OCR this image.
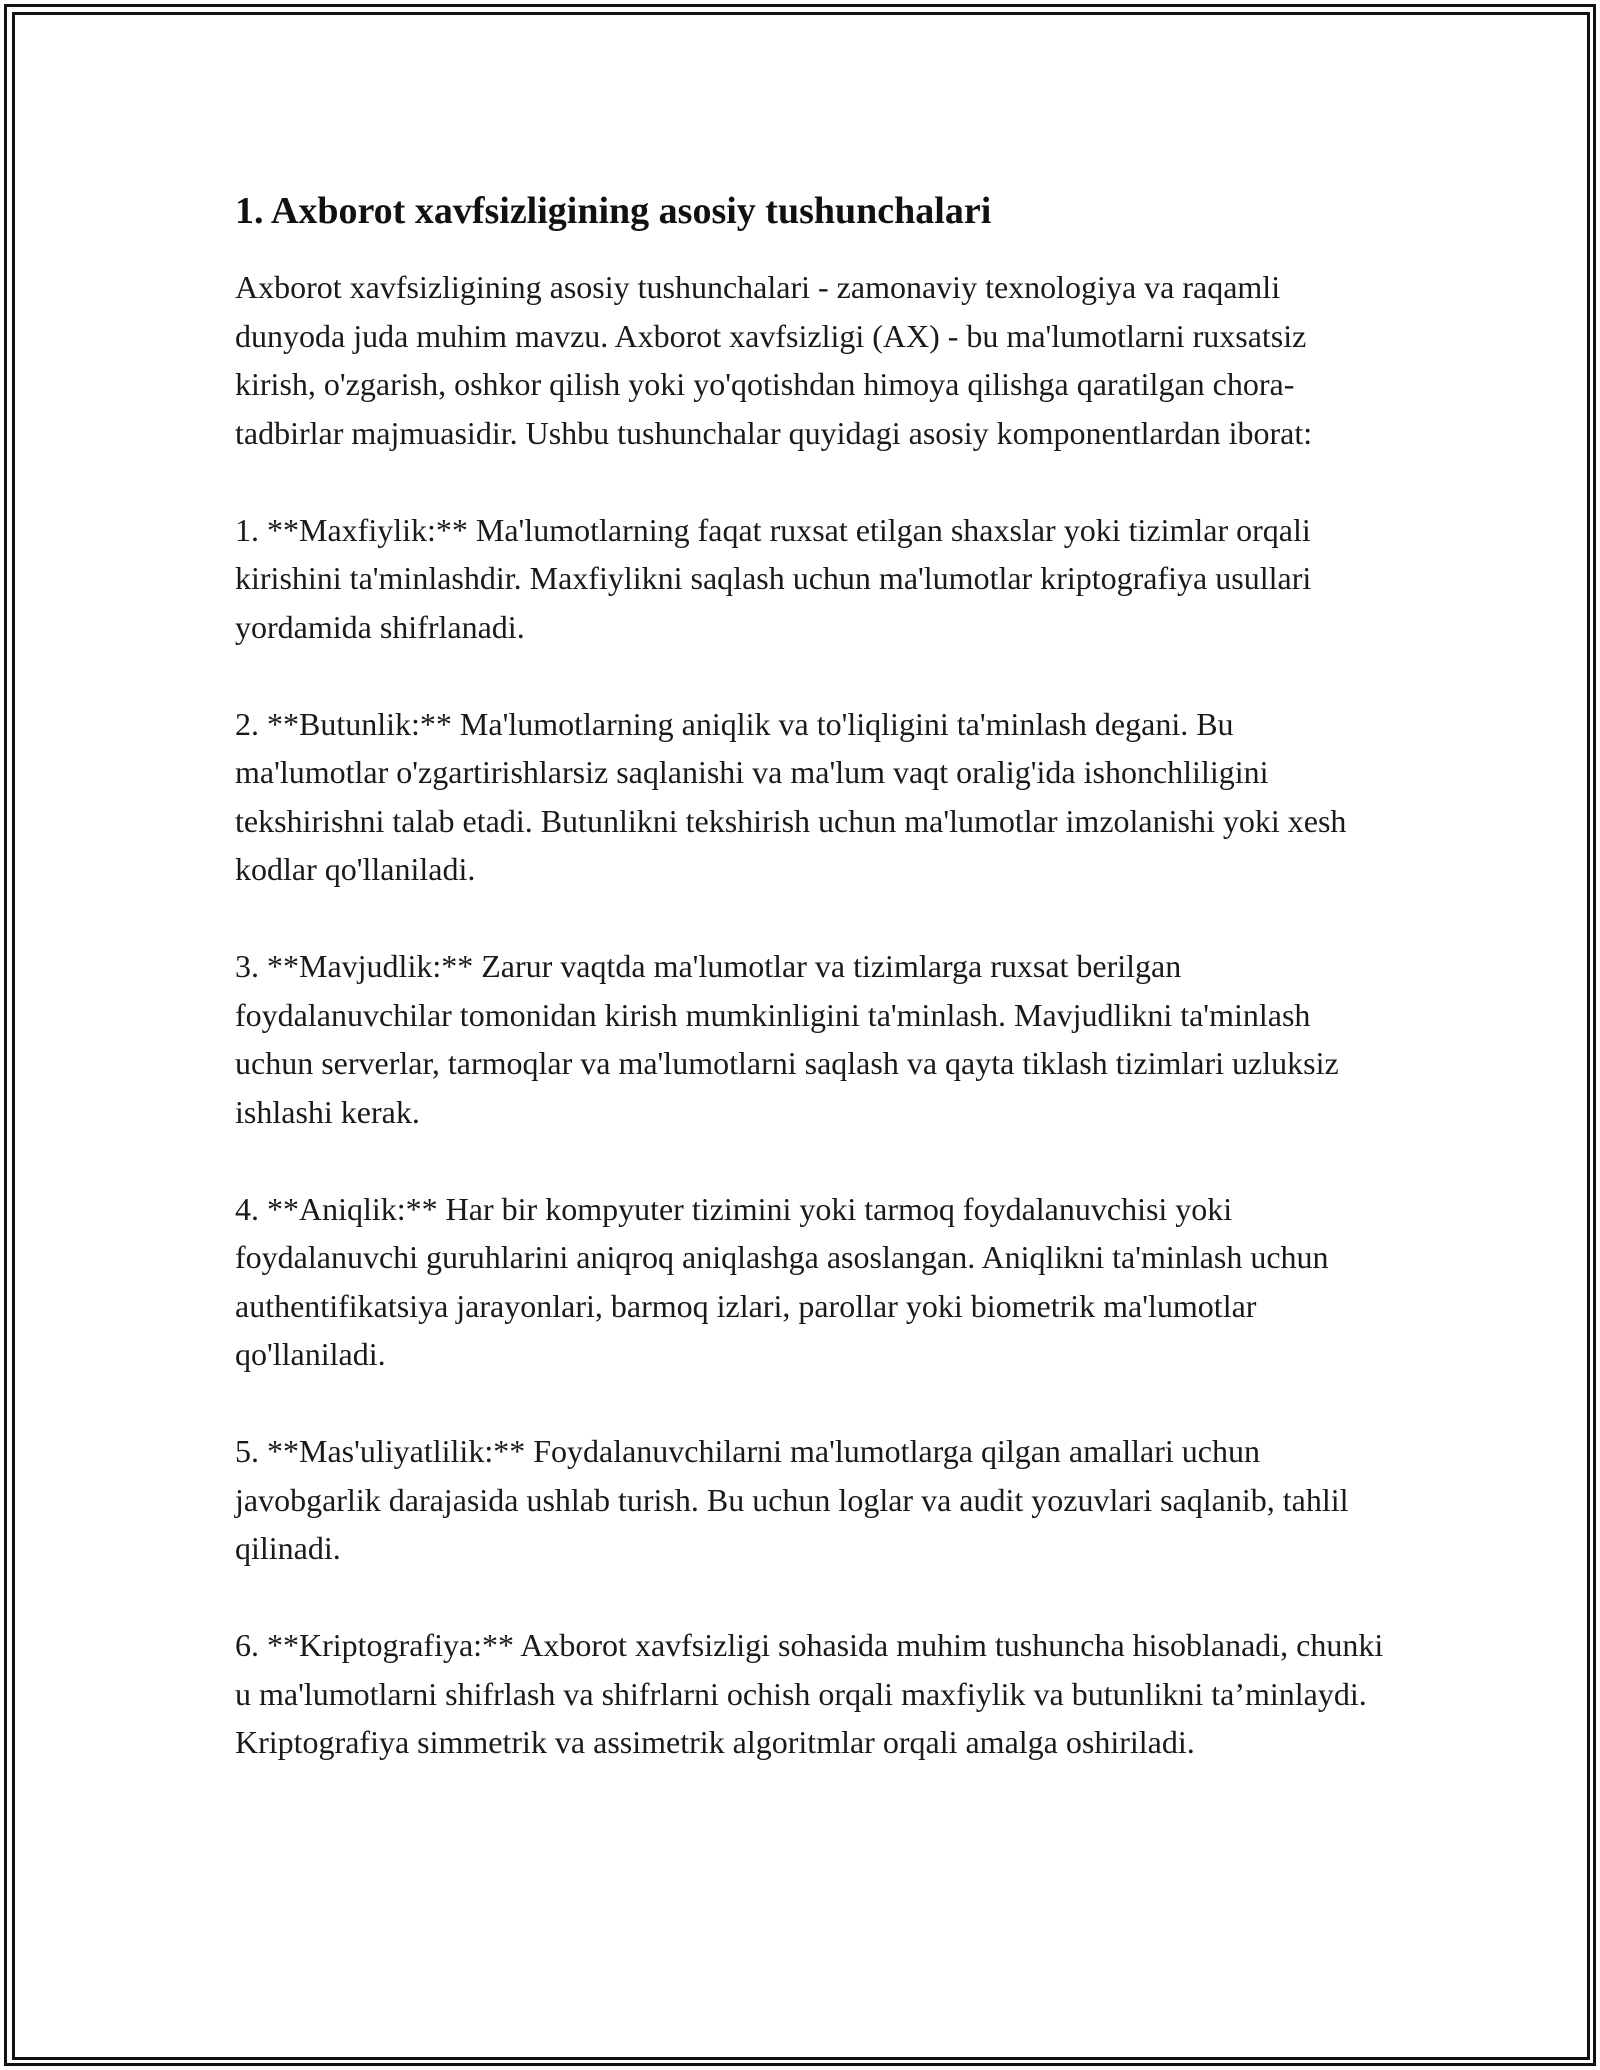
1. Axborot xavfsizligining asosiy tushunchalari

Axborot xavfsizligining asosiy tushunchalari - zamonaviy texnologiya va raqamli dunyoda juda muhim mavzu. Axborot xavfsizligi (AX) - bu ma'lumotlarni ruxsatsiz kirish, o'zgarish, oshkor qilish yoki yo'qotishdan himoya qilishga qaratilgan chora-tadbirlar majmuasidir. Ushbu tushunchalar quyidagi asosiy komponentlardan iborat:

1. **Maxfiylik:** Ma'lumotlarning faqat ruxsat etilgan shaxslar yoki tizimlar orqali kirishini ta'minlashdir. Maxfiylikni saqlash uchun ma'lumotlar kriptografiya usullari yordamida shifrlanadi.

2. **Butunlik:** Ma'lumotlarning aniqlik va to'liqligini ta'minlash degani. Bu ma'lumotlar o'zgartirishlarsiz saqlanishi va ma'lum vaqt oralig'ida ishonchliligini tekshirishni talab etadi. Butunlikni tekshirish uchun ma'lumotlar imzolanishi yoki xesh kodlar qo'llaniladi.

3. **Mavjudlik:** Zarur vaqtda ma'lumotlar va tizimlarga ruxsat berilgan foydalanuvchilar tomonidan kirish mumkinligini ta'minlash. Mavjudlikni ta'minlash uchun serverlar, tarmoqlar va ma'lumotlarni saqlash va qayta tiklash tizimlari uzluksiz ishlashi kerak.

4. **Aniqlik:** Har bir kompyuter tizimini yoki tarmoq foydalanuvchisi yoki foydalanuvchi guruhlarini aniqroq aniqlashga asoslangan. Aniqlikni ta'minlash uchun authentifikatsiya jarayonlari, barmoq izlari, parollar yoki biometrik ma'lumotlar qo'llaniladi.

5. **Mas'uliyatlilik:** Foydalanuvchilarni ma'lumotlarga qilgan amallari uchun javobgarlik darajasida ushlab turish. Bu uchun loglar va audit yozuvlari saqlanib, tahlil qilinadi.

6. **Kriptografiya:** Axborot xavfsizligi sohasida muhim tushuncha hisoblanadi, chunki u ma'lumotlarni shifrlash va shifrlarni ochish orqali maxfiylik va butunlikni ta’minlaydi. Kriptografiya simmetrik va assimetrik algoritmlar orqali amalga oshiriladi.
